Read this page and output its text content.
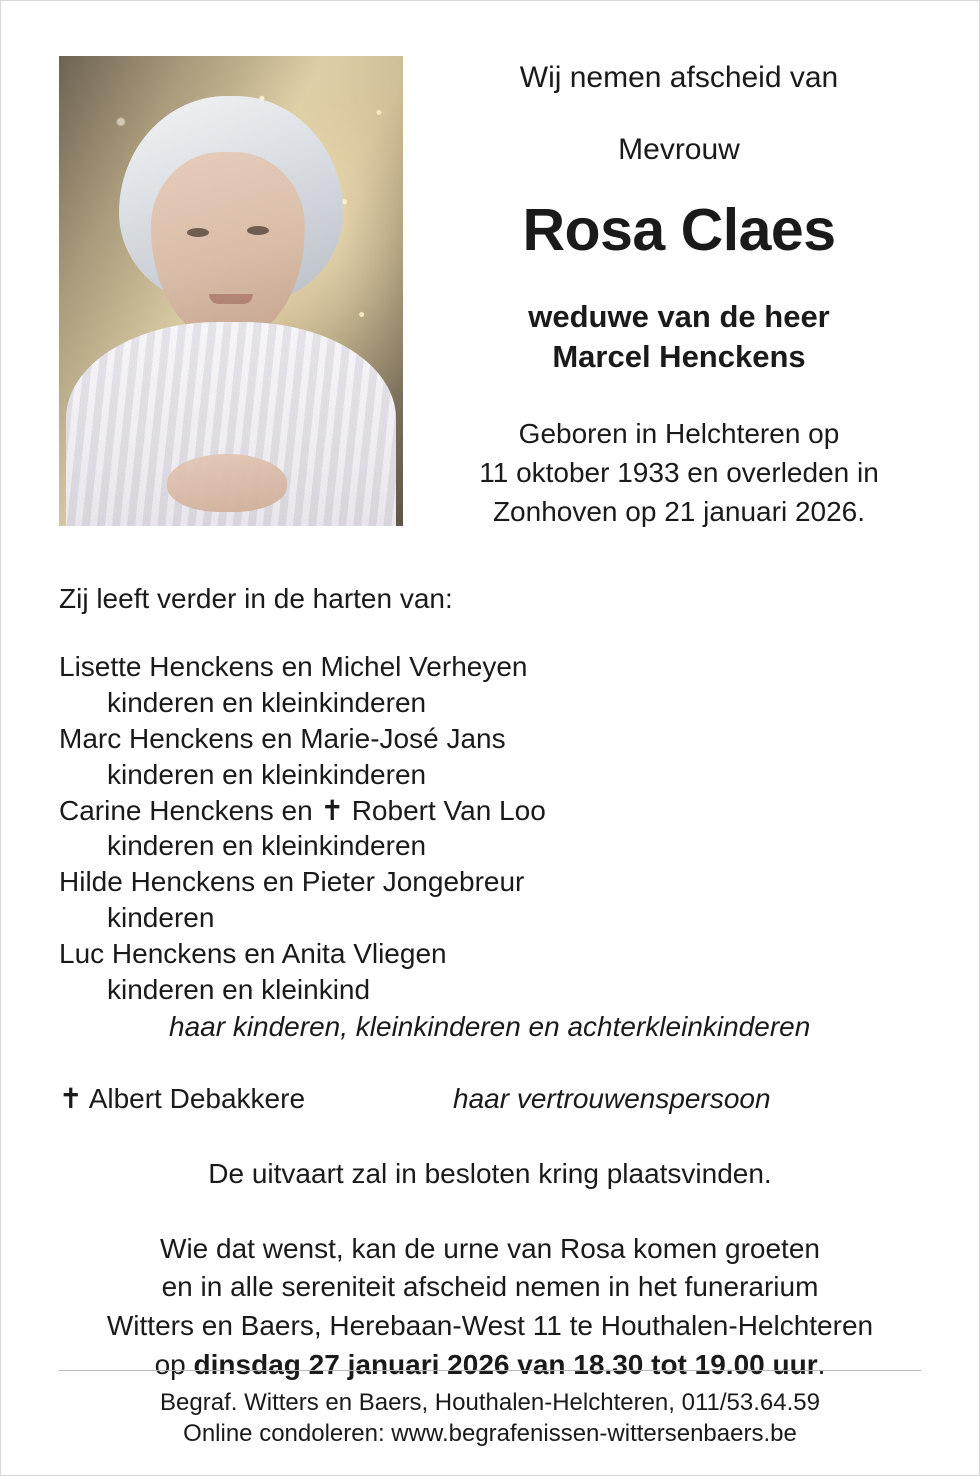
Wij nemen afscheid van
Mevrouw
Rosa Claes
weduwe van de heer
Marcel Henckens
Geboren in Helchteren op
11 oktober 1933 en overleden in
Zonhoven op 21 januari 2026.
Zij leeft verder in de harten van:
Lisette Henckens en Michel Verheyen
kinderen en kleinkinderen
Marc Henckens en Marie-José Jans
kinderen en kleinkinderen
Carine Henckens en ✝ Robert Van Loo
kinderen en kleinkinderen
Hilde Henckens en Pieter Jongebreur
kinderen
Luc Henckens en Anita Vliegen
kinderen en kleinkind
haar kinderen, kleinkinderen en achterkleinkinderen
✝ Albert Debakkere	haar vertrouwenspersoon
De uitvaart zal in besloten kring plaatsvinden.
Wie dat wenst, kan de urne van Rosa komen groeten
en in alle sereniteit afscheid nemen in het funerarium
Witters en Baers, Herebaan-West 11 te Houthalen-Helchteren
op dinsdag 27 januari 2026 van 18.30 tot 19.00 uur.
Begraf. Witters en Baers, Houthalen-Helchteren, 011/53.64.59
Online condoleren: www.begrafenissen-wittersenbaers.be
